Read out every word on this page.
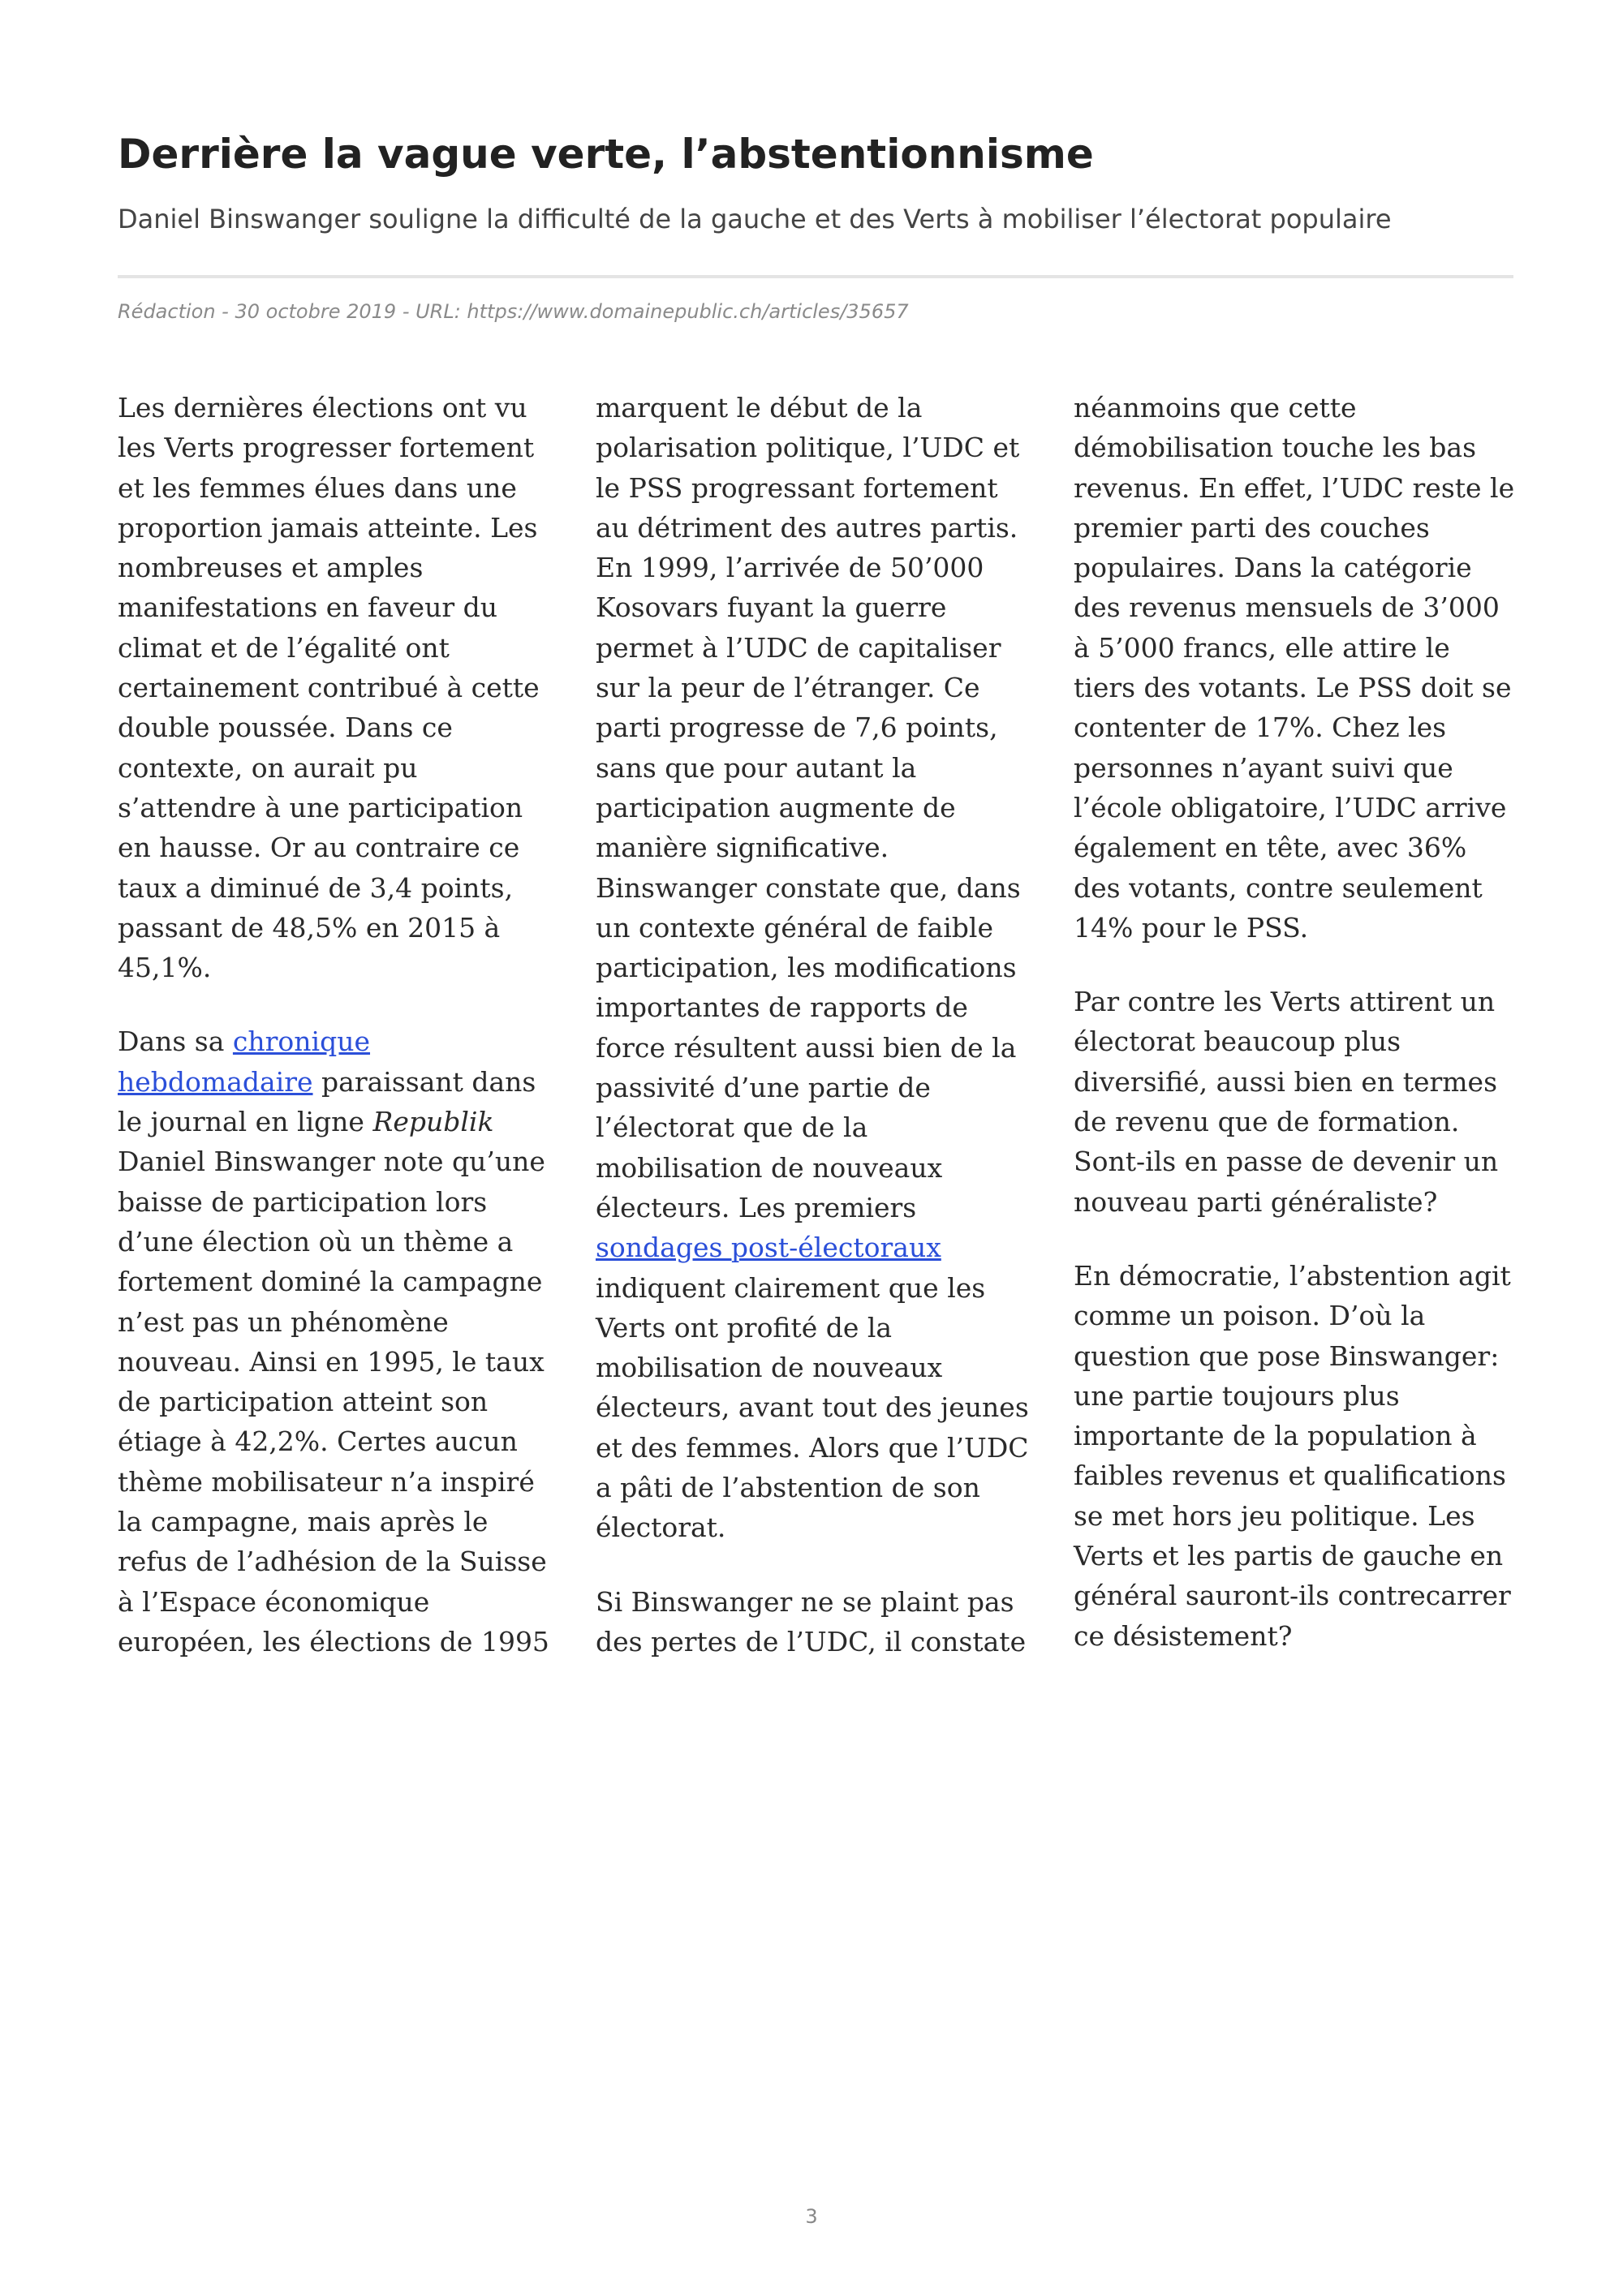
Derrière la vague verte, l’abstentionnisme

Daniel Binswanger souligne la difficulté de la gauche et des Verts à mobiliser l’électorat populaire

Rédaction - 30 octobre 2019 - URL: https://www.domainepublic.ch/articles/35657

3

Les dernières élections ont vu les Verts progresser fortement et les femmes élues dans une proportion jamais atteinte. Les nombreuses et amples manifestations en faveur du climat et de l’égalité ont certainement contribué à cette double poussée. Dans ce contexte, on aurait pu s’attendre à une participation en hausse. Or au contraire ce taux a diminué de 3,4 points, passant de 48,5% en 2015 à 45,1%.

Dans sa chronique hebdomadaire paraissant dans le journal en ligne Republik Daniel Binswanger note qu’une baisse de participation lors d’une élection où un thème a fortement dominé la campagne n’est pas un phénomène nouveau. Ainsi en 1995, le taux de participation atteint son étiage à 42,2%. Certes aucun thème mobilisateur n’a inspiré la campagne, mais après le refus de l’adhésion de la Suisse à l’Espace économique européen, les élections de 1995 marquent le début de la polarisation politique, l’UDC et le PSS progressant fortement au détriment des autres partis. En 1999, l’arrivée de 50’000 Kosovars fuyant la guerre permet à l’UDC de capitaliser sur la peur de l’étranger. Ce parti progresse de 7,6 points, sans que pour autant la participation augmente de manière significative. Binswanger constate que, dans un contexte général de faible participation, les modifications importantes de rapports de force résultent aussi bien de la passivité d’une partie de l’électorat que de la mobilisation de nouveaux électeurs. Les premiers sondages post-électoraux indiquent clairement que les Verts ont profité de la mobilisation de nouveaux électeurs, avant tout des jeunes et des femmes. Alors que l’UDC a pâti de l’abstention de son électorat.

Si Binswanger ne se plaint pas des pertes de l’UDC, il constate néanmoins que cette démobilisation touche les bas revenus. En effet, l’UDC reste le premier parti des couches populaires. Dans la catégorie des revenus mensuels de 3’000 à 5’000 francs, elle attire le tiers des votants. Le PSS doit se contenter de 17%. Chez les personnes n’ayant suivi que l’école obligatoire, l’UDC arrive également en tête, avec 36% des votants, contre seulement 14% pour le PSS.

Par contre les Verts attirent un électorat beaucoup plus diversifié, aussi bien en termes de revenu que de formation. Sont-ils en passe de devenir un nouveau parti généraliste?

En démocratie, l’abstention agit comme un poison. D’où la question que pose Binswanger: une partie toujours plus importante de la population à faibles revenus et qualifications se met hors jeu politique. Les Verts et les partis de gauche en général sauront-ils contrecarrer ce désistement?
